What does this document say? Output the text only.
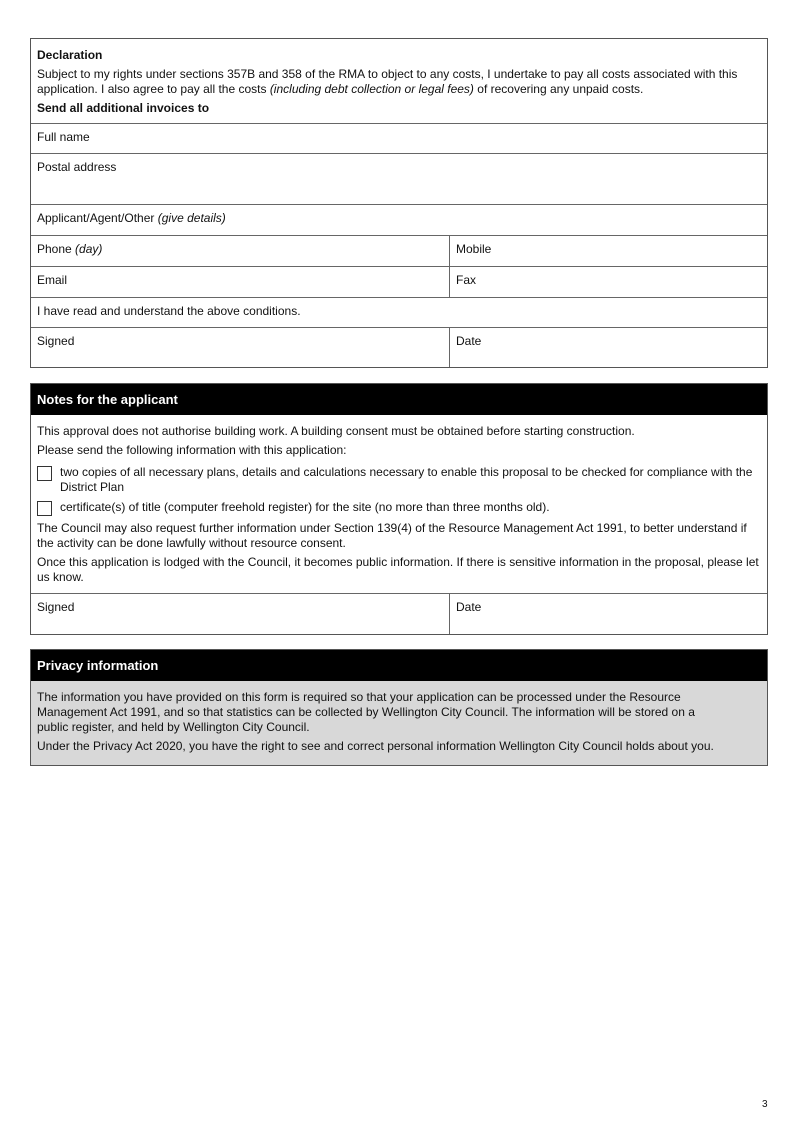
Declaration

Subject to my rights under sections 357B and 358 of the RMA to object to any costs, I undertake to pay all costs associated with this application. I also agree to pay all the costs (including debt collection or legal fees) of recovering any unpaid costs.

Send all additional invoices to

Full name
Postal address
Applicant/Agent/Other (give details)
Phone (day)	Mobile
Email	Fax
I have read and understand the above conditions.
Signed	Date
Notes for the applicant

This approval does not authorise building work. A building consent must be obtained before starting construction.

Please send the following information with this application:

two copies of all necessary plans, details and calculations necessary to enable this proposal to be checked for compliance with the District Plan

certificate(s) of title (computer freehold register) for the site (no more than three months old).

The Council may also request further information under Section 139(4) of the Resource Management Act 1991, to better understand if the activity can be done lawfully without resource consent.

Once this application is lodged with the Council, it becomes public information. If there is sensitive information in the proposal, please let us know.

Signed	Date
Privacy information

The information you have provided on this form is required so that your application can be processed under the Resource Management Act 1991, and so that statistics can be collected by Wellington City Council. The information will be stored on a public register, and held by Wellington City Council.

Under the Privacy Act 2020, you have the right to see and correct personal information Wellington City Council holds about you.

3
